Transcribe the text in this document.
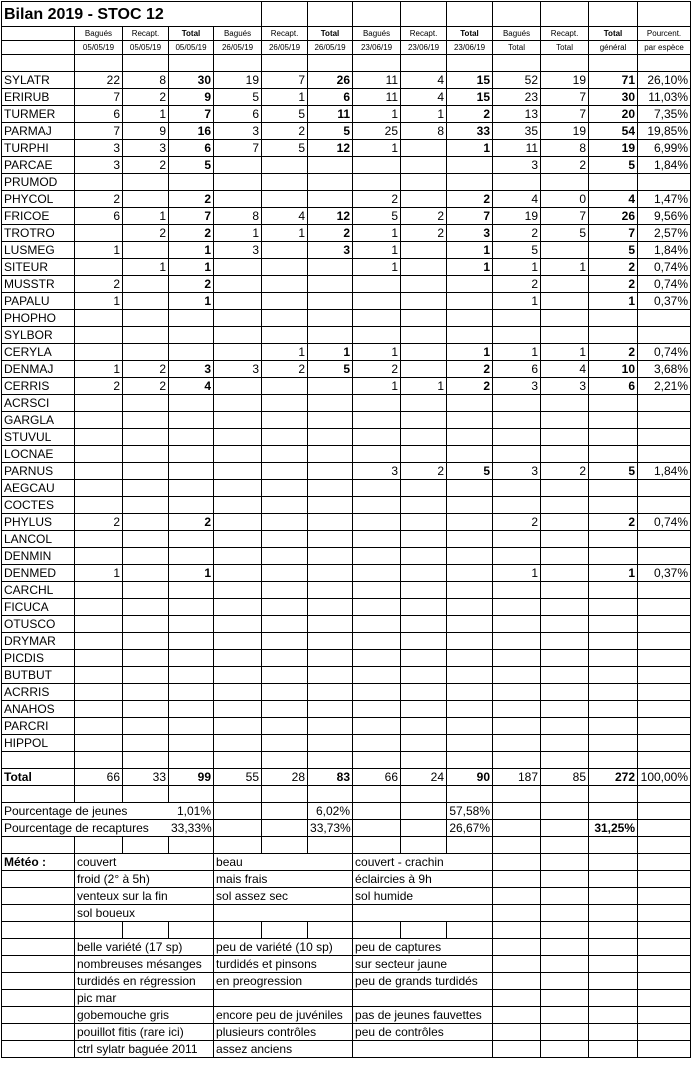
Bilan 2019 - STOC 12													
	Bagués	Recapt.	Total	Bagués	Recapt.	Total	Bagués	Recapt.	Total	Bagués	Recapt.	Total	Pourcent.
	05/05/19	05/05/19	05/05/19	26/05/19	26/05/19	26/05/19	23/06/19	23/06/19	23/06/19	Total	Total	général	par espèce

SYLATR	22	8	30	19	7	26	11	4	15	52	19	71	26,10%
ERIRUB	7	2	9	5	1	6	11	4	15	23	7	30	11,03%
TURMER	6	1	7	6	5	11	1	1	2	13	7	20	7,35%
PARMAJ	7	9	16	3	2	5	25	8	33	35	19	54	19,85%
TURPHI	3	3	6	7	5	12	1		1	11	8	19	6,99%
PARCAE	3	2	5							3	2	5	1,84%
PRUMOD													
PHYCOL	2		2				2		2	4	0	4	1,47%
FRICOE	6	1	7	8	4	12	5	2	7	19	7	26	9,56%
TROTRO		2	2	1	1	2	1	2	3	2	5	7	2,57%
LUSMEG	1		1	3		3	1		1	5		5	1,84%
SITEUR		1	1				1		1	1	1	2	0,74%
MUSSTR	2		2							2		2	0,74%
PAPALU	1		1							1		1	0,37%
PHOPHO													
SYLBOR													
CERYLA					1	1	1		1	1	1	2	0,74%
DENMAJ	1	2	3	3	2	5	2		2	6	4	10	3,68%
CERRIS	2	2	4				1	1	2	3	3	6	2,21%
ACRSCI													
GARGLA													
STUVUL													
LOCNAE													
PARNUS							3	2	5	3	2	5	1,84%
AEGCAU													
COCTES													
PHYLUS	2		2							2		2	0,74%
LANCOL													
DENMIN													
DENMED	1		1							1		1	0,37%
CARCHL													
FICUCA													
OTUSCO													
DRYMAR													
PICDIS													
BUTBUT													
ACRRIS													
ANAHOS													
PARCRI													
HIPPOL													

Total	66	33	99	55	28	83	66	24	90	187	85	272	100,00%

Pourcentage de jeunes			1,01%			6,02%			57,58%				
Pourcentage de recaptures			33,33%			33,73%			26,67%			31,25%	

Météo :	couvert			beau			couvert - crachin						
	froid (2° à 5h)			mais frais			éclaircies à 9h						
	venteux sur la fin			sol assez sec			sol humide						
	sol boueux												

	belle variété (17 sp)			peu de variété (10 sp)			peu de captures						
	nombreuses mésanges			turdidés et pinsons			sur secteur jaune						
	turdidés en régression			en preogression			peu de grands turdidés						
	pic mar												
	gobemouche gris			encore peu de juvéniles			pas de jeunes fauvettes						
	pouillot fitis (rare ici)			plusieurs contrôles			peu de contrôles						
	ctrl sylatr baguée 2011			assez anciens									
